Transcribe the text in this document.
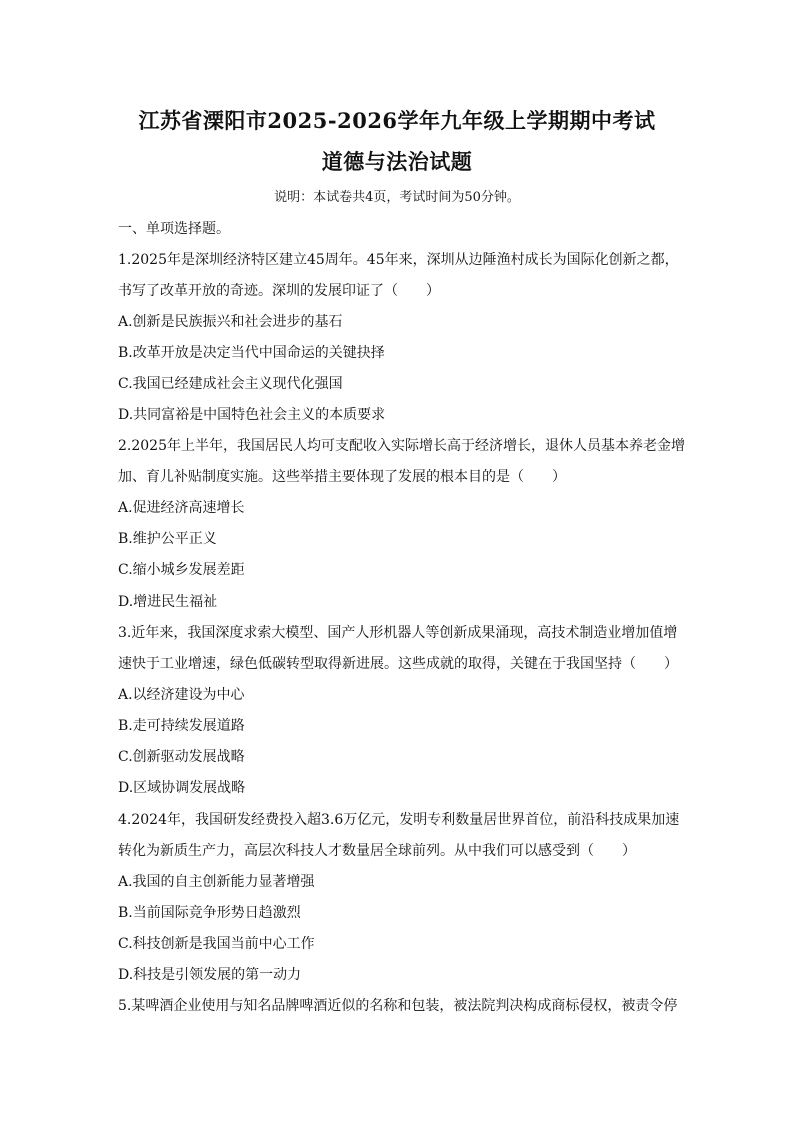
江苏省溧阳市2025-2026学年九年级上学期期中考试
道德与法治试题
说明：本试卷共4页，考试时间为50分钟。
一、单项选择题。
1.2025年是深圳经济特区建立45周年。45年来，深圳从边陲渔村成长为国际化创新之都，
书写了改革开放的奇迹。深圳的发展印证了（　　）
A.创新是民族振兴和社会进步的基石
B.改革开放是决定当代中国命运的关键抉择
C.我国已经建成社会主义现代化强国
D.共同富裕是中国特色社会主义的本质要求
2.2025年上半年，我国居民人均可支配收入实际增长高于经济增长，退休人员基本养老金增
加、育儿补贴制度实施。这些举措主要体现了发展的根本目的是（　　）
A.促进经济高速增长
B.维护公平正义
C.缩小城乡发展差距
D.增进民生福祉
3.近年来，我国深度求索大模型、国产人形机器人等创新成果涌现，高技术制造业增加值增
速快于工业增速，绿色低碳转型取得新进展。这些成就的取得，关键在于我国坚持（　　）
A.以经济建设为中心
B.走可持续发展道路
C.创新驱动发展战略
D.区域协调发展战略
4.2024年，我国研发经费投入超3.6万亿元，发明专利数量居世界首位，前沿科技成果加速
转化为新质生产力，高层次科技人才数量居全球前列。从中我们可以感受到（　　）
A.我国的自主创新能力显著增强
B.当前国际竞争形势日趋激烈
C.科技创新是我国当前中心工作
D.科技是引领发展的第一动力
5.某啤酒企业使用与知名品牌啤酒近似的名称和包装，被法院判决构成商标侵权，被责令停
